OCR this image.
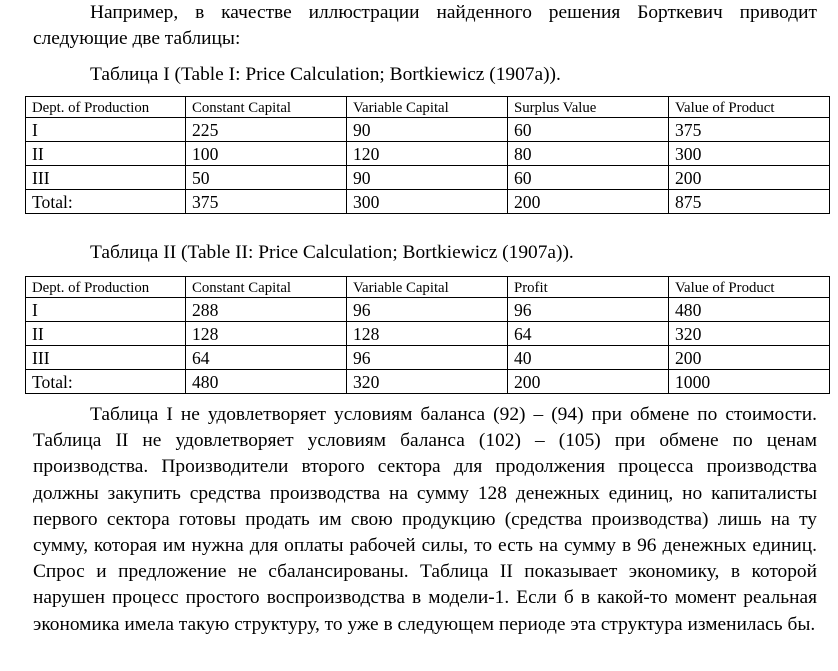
Например, в качестве иллюстрации найденного решения Борткевич приводит следующие две таблицы:

Таблица I (Table I: Price Calculation; Bortkiewicz (1907a)).

Dept. of Production	Constant Capital	Variable Capital	Surplus Value	Value of Product
I	225	90	60	375
II	100	120	80	300
III	50	90	60	200
Total:	375	300	200	875

Таблица II (Table II: Price Calculation; Bortkiewicz (1907a)).

Dept. of Production	Constant Capital	Variable Capital	Profit	Value of Product
I	288	96	96	480
II	128	128	64	320
III	64	96	40	200
Total:	480	320	200	1000

Таблица I не удовлетворяет условиям баланса (92) – (94) при обмене по стоимости. Таблица II не удовлетворяет условиям баланса (102) – (105) при обмене по ценам производства. Производители второго сектора для продолжения процесса производства должны закупить средства производства на сумму 128 денежных единиц, но капиталисты первого сектора готовы продать им свою продукцию (средства производства) лишь на ту сумму, которая им нужна для оплаты рабочей силы, то есть на сумму в 96 денежных единиц. Спрос и предложение не сбалансированы. Таблица II показывает экономику, в которой нарушен процесс простого воспроизводства в модели-1. Если б в какой-то момент реальная экономика имела такую структуру, то уже в следующем периоде эта структура изменилась бы.
